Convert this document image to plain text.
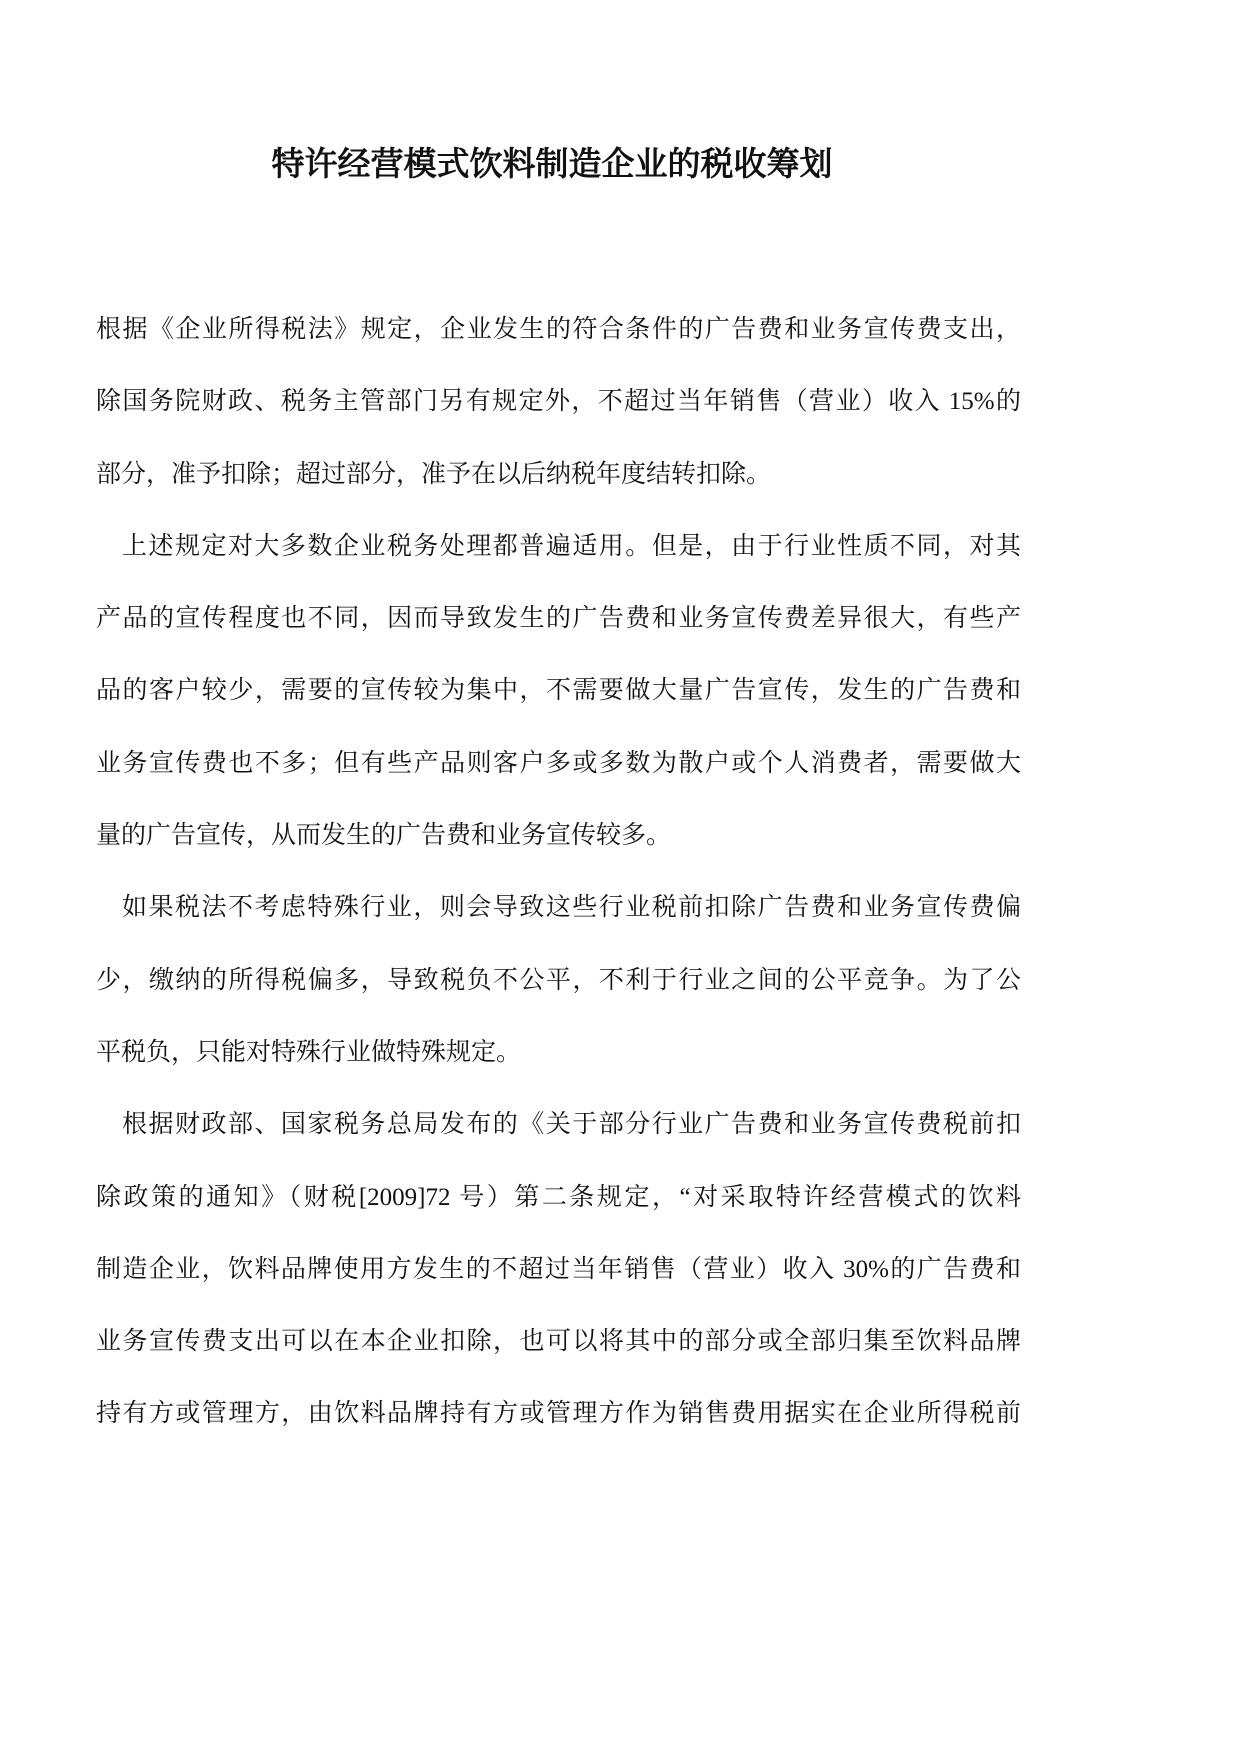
特许经营模式饮料制造企业的税收筹划
根据《企业所得税法》规定，企业发生的符合条件的广告费和业务宣传费支出，
除国务院财政、税务主管部门另有规定外，不超过当年销售（营业）收入 15%的
部分，准予扣除；超过部分，准予在以后纳税年度结转扣除。
上述规定对大多数企业税务处理都普遍适用。但是，由于行业性质不同，对其
产品的宣传程度也不同，因而导致发生的广告费和业务宣传费差异很大，有些产
品的客户较少，需要的宣传较为集中，不需要做大量广告宣传，发生的广告费和
业务宣传费也不多；但有些产品则客户多或多数为散户或个人消费者，需要做大
量的广告宣传，从而发生的广告费和业务宣传较多。
如果税法不考虑特殊行业，则会导致这些行业税前扣除广告费和业务宣传费偏
少，缴纳的所得税偏多，导致税负不公平，不利于行业之间的公平竞争。为了公
平税负，只能对特殊行业做特殊规定。
根据财政部、国家税务总局发布的《关于部分行业广告费和业务宣传费税前扣
除政策的通知》（财税[2009]72 号）第二条规定，“对采取特许经营模式的饮料
制造企业，饮料品牌使用方发生的不超过当年销售（营业）收入 30%的广告费和
业务宣传费支出可以在本企业扣除，也可以将其中的部分或全部归集至饮料品牌
持有方或管理方，由饮料品牌持有方或管理方作为销售费用据实在企业所得税前
